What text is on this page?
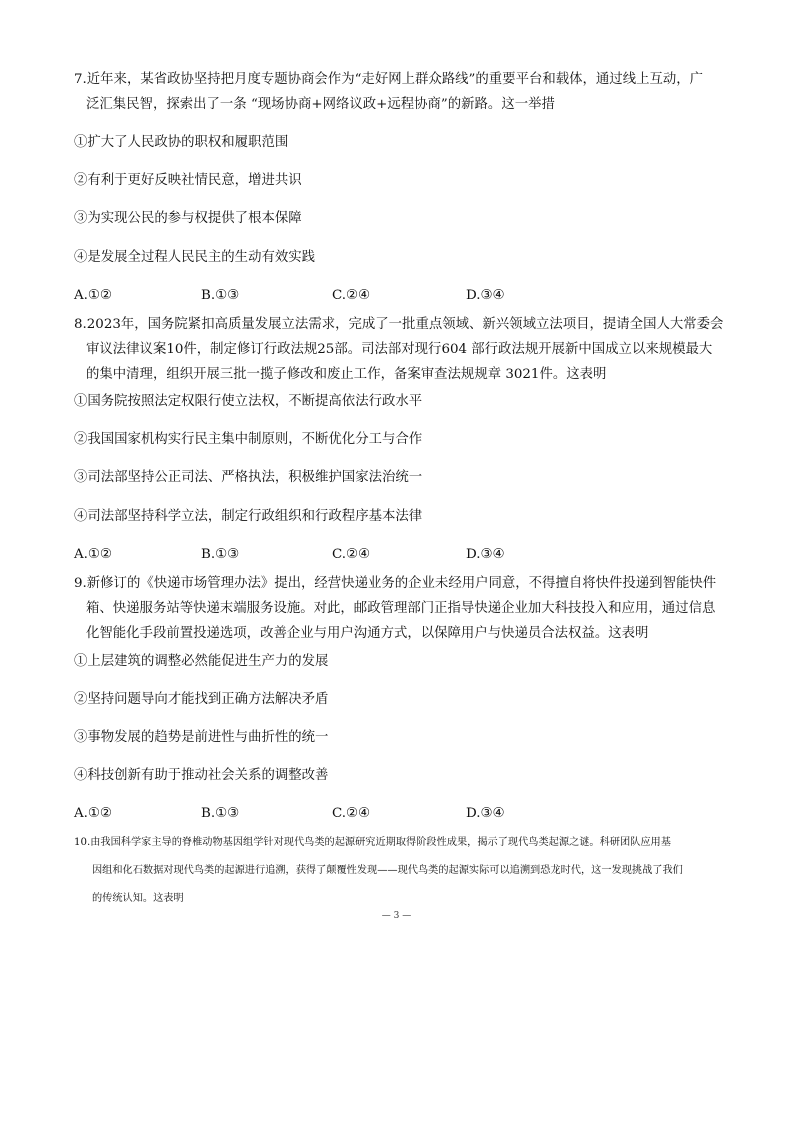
7.近年来，某省政协坚持把月度专题协商会作为“走好网上群众路线”的重要平台和载体，通过线上互动，广
泛汇集民智，探索出了一条 “现场协商+网络议政+远程协商”的新路。这一举措
①扩大了人民政协的职权和履职范围
②有利于更好反映社情民意，增进共识
③为实现公民的参与权提供了根本保障
④是发展全过程人民民主的生动有效实践
A.①②	B.①③	C.②④	D.③④
8.2023年，国务院紧扣高质量发展立法需求，完成了一批重点领域、新兴领域立法项目，提请全国人大常委会
审议法律议案10件，制定修订行政法规25部。司法部对现行604 部行政法规开展新中国成立以来规模最大
的集中清理，组织开展三批一揽子修改和废止工作，备案审查法规规章 3021件。这表明
①国务院按照法定权限行使立法权，不断提高依法行政水平
②我国国家机构实行民主集中制原则，不断优化分工与合作
③司法部坚持公正司法、严格执法，积极维护国家法治统一
④司法部坚持科学立法，制定行政组织和行政程序基本法律
A.①②	B.①③	C.②④	D.③④
9.新修订的《快递市场管理办法》提出，经营快递业务的企业未经用户同意，不得擅自将快件投递到智能快件
箱、快递服务站等快递末端服务设施。对此，邮政管理部门正指导快递企业加大科技投入和应用，通过信息
化智能化手段前置投递选项，改善企业与用户沟通方式，以保障用户与快递员合法权益。这表明
①上层建筑的调整必然能促进生产力的发展
②坚持问题导向才能找到正确方法解决矛盾
③事物发展的趋势是前进性与曲折性的统一
④科技创新有助于推动社会关系的调整改善
A.①②	B.①③	C.②④	D.③④
10.由我国科学家主导的脊椎动物基因组学针对现代鸟类的起源研究近期取得阶段性成果，揭示了现代鸟类起源之谜。科研团队应用基
因组和化石数据对现代鸟类的起源进行追溯，获得了颠覆性发现——现代鸟类的起源实际可以追溯到恐龙时代，这一发现挑战了我们
的传统认知。这表明
— 3 —
